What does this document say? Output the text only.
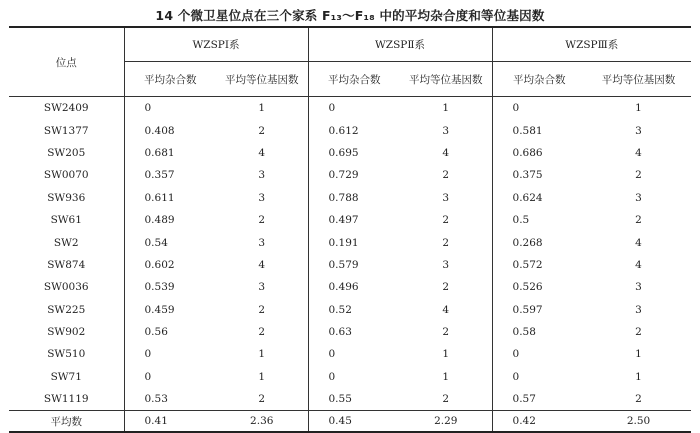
14 个微卫星位点在三个家系 F₁₃～F₁₈ 中的平均杂合度和等位基因数
位点	WZSPⅠ系		WZSPⅡ系		WZSPⅢ系	
	平均杂合数	平均等位基因数	平均杂合数	平均等位基因数	平均杂合数	平均等位基因数
SW2409	0	1	0	1	0	1
SW1377	0.408	2	0.612	3	0.581	3
SW205	0.681	4	0.695	4	0.686	4
SW0070	0.357	3	0.729	2	0.375	2
SW936	0.611	3	0.788	3	0.624	3
SW61	0.489	2	0.497	2	0.5	2
SW2	0.54	3	0.191	2	0.268	4
SW874	0.602	4	0.579	3	0.572	4
SW0036	0.539	3	0.496	2	0.526	3
SW225	0.459	2	0.52	4	0.597	3
SW902	0.56	2	0.63	2	0.58	2
SW510	0	1	0	1	0	1
SW71	0	1	0	1	0	1
SW1119	0.53	2	0.55	2	0.57	2
平均数	0.41	2.36	0.45	2.29	0.42	2.50
